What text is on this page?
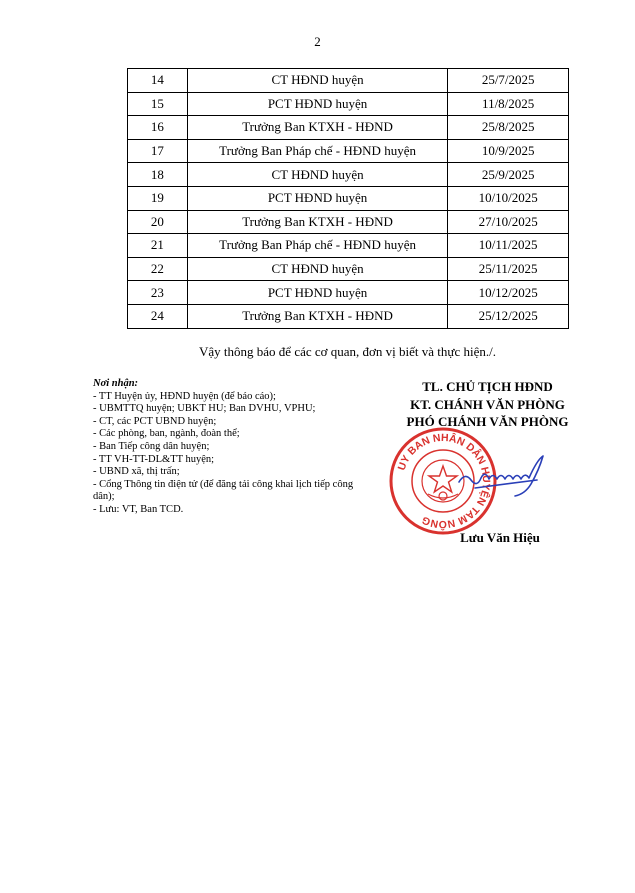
2
14	CT HĐND huyện	25/7/2025
15	PCT HĐND huyện	11/8/2025
16	Trưởng Ban KTXH - HĐND	25/8/2025
17	Trưởng Ban Pháp chế - HĐND huyện	10/9/2025
18	CT HĐND huyện	25/9/2025
19	PCT HĐND huyện	10/10/2025
20	Trưởng Ban KTXH - HĐND	27/10/2025
21	Trưởng Ban Pháp chế - HĐND huyện	10/11/2025
22	CT HĐND huyện	25/11/2025
23	PCT HĐND huyện	10/12/2025
24	Trưởng Ban KTXH - HĐND	25/12/2025
Vậy thông báo để các cơ quan, đơn vị biết và thực hiện./.
Nơi nhận:
- TT Huyện ủy, HĐND huyện (để báo cáo);
- UBMTTQ huyện; UBKT HU; Ban DVHU, VPHU;
- CT, các PCT UBND huyện;
- Các phòng, ban, ngành, đoàn thể;
- Ban Tiếp công dân huyện;
- TT VH-TT-DL&TT huyện;
- UBND xã, thị trấn;
- Cổng Thông tin điện tử (để đăng tải công khai lịch tiếp công dân);
- Lưu: VT, Ban TCD.
TL. CHỦ TỊCH HĐND
KT. CHÁNH VĂN PHÒNG
PHÓ CHÁNH VĂN PHÒNG
UY BAN NHÂN DÂN HUYỆN TAM NÔNG
Lưu Văn Hiệu
